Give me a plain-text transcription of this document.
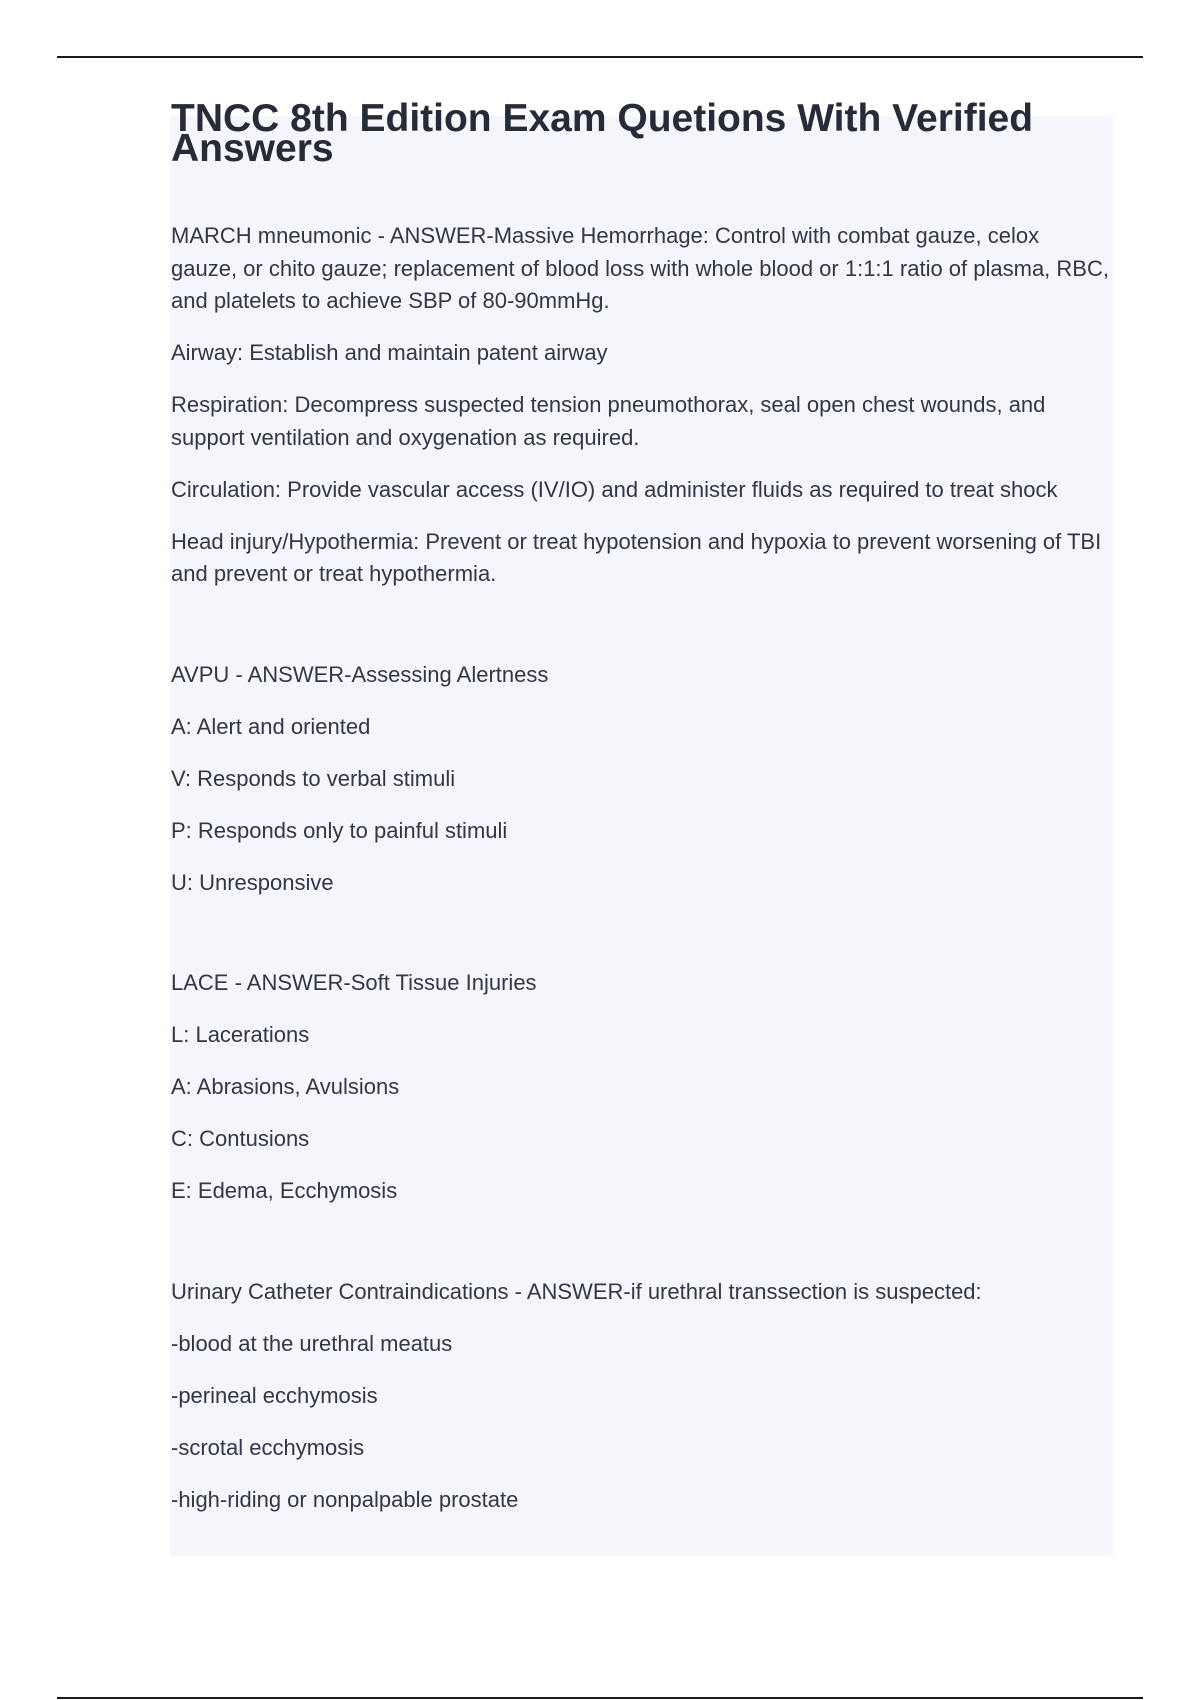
TNCC 8th Edition Exam Quetions With Verified Answers

MARCH mneumonic - ANSWER-Massive Hemorrhage: Control with combat gauze, celox gauze, or chito gauze; replacement of blood loss with whole blood or 1:1:1 ratio of plasma, RBC, and platelets to achieve SBP of 80-90mmHg.

Airway: Establish and maintain patent airway

Respiration: Decompress suspected tension pneumothorax, seal open chest wounds, and support ventilation and oxygenation as required.

Circulation: Provide vascular access (IV/IO) and administer fluids as required to treat shock

Head injury/Hypothermia: Prevent or treat hypotension and hypoxia to prevent worsening of TBI and prevent or treat hypothermia.

AVPU - ANSWER-Assessing Alertness

A: Alert and oriented

V: Responds to verbal stimuli

P: Responds only to painful stimuli

U: Unresponsive

LACE - ANSWER-Soft Tissue Injuries

L: Lacerations

A: Abrasions, Avulsions

C: Contusions

E: Edema, Ecchymosis

Urinary Catheter Contraindications - ANSWER-if urethral transsection is suspected:

-blood at the urethral meatus

-perineal ecchymosis

-scrotal ecchymosis

-high-riding or nonpalpable prostate
